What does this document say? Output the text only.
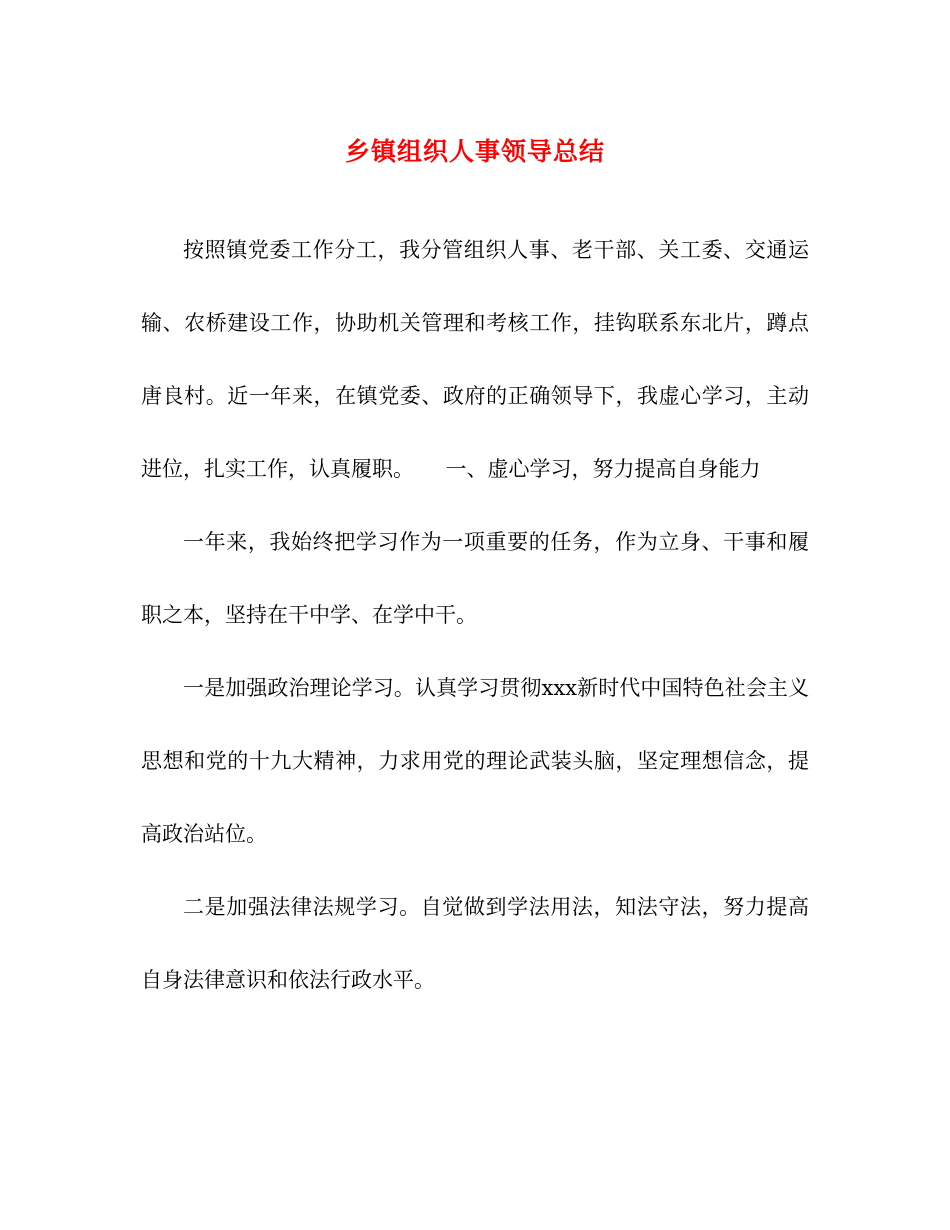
乡镇组织人事领导总结

按照镇党委工作分工，我分管组织人事、老干部、关工委、交通运输、农桥建设工作，协助机关管理和考核工作，挂钩联系东北片，蹲点唐良村。近一年来，在镇党委、政府的正确领导下，我虚心学习，主动进位，扎实工作，认真履职。　　一、虚心学习，努力提高自身能力

一年来，我始终把学习作为一项重要的任务，作为立身、干事和履职之本，坚持在干中学、在学中干。

一是加强政治理论学习。认真学习贯彻xxx新时代中国特色社会主义思想和党的十九大精神，力求用党的理论武装头脑，坚定理想信念，提高政治站位。

二是加强法律法规学习。自觉做到学法用法，知法守法，努力提高自身法律意识和依法行政水平。
